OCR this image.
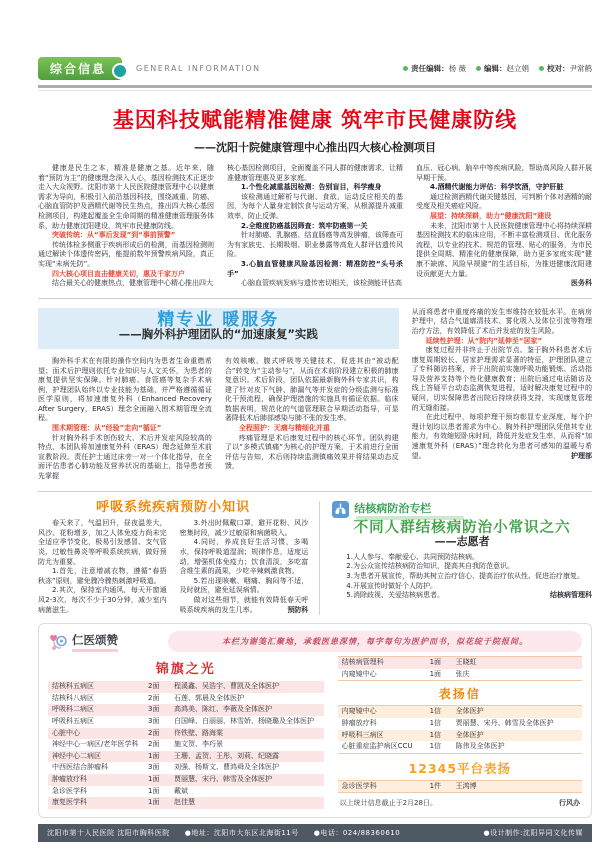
综合信息	GENERAL INFORMATION	责任编辑： 杨 薇 编辑： 赵立娟 校对： 尹常鹤
基因科技赋能精准健康 筑牢市民健康防线
——沈阳十院健康管理中心推出四大核心检测项目

健康是民生之本，精准是健康之基。近年来，随着“预防为主”的健康理念深入人心，基因检测技术正逐步走入大众视野。沈阳市第十人民医院健康管理中心以健康需求为导向，积极引入前沿基因科技，围绕减重、防癌、心脑血管防护及酒精代谢等民生热点，推出四大核心基因检测项目，构建起覆盖全生命周期的精准健康管理服务体系，助力健康沈阳建设，筑牢市民健康防线。

突破传统：从“事后发现”到“事前预警”

传统体检多侧重于疾病形成后的检测，而基因检测则通过解读个体遗传密码，能提前数年预警疾病风险，真正实现“未病先防”。

四大核心项目直击健康关切，惠及千家万户

结合最关心的健康热点，健康管理中心精心推出四大

核心基因检测项目，全面覆盖不同人群的健康需求，让精准健康管理惠及更多家庭。

1.个性化减重基因检测：告别盲目，科学瘦身

该检测通过解析与代谢、食欲、运动反应相关的基因，为每个人量身定制饮食与运动方案，从根源提升减重效率，防止反弹。

2.全维度防癌基因筛查：筑牢防癌第一关

针对肺癌、乳腺癌、结直肠癌等高发肿瘤，该筛查可为有家族史、长期吸烟、职业暴露等高危人群评估遗传风险。

3.心脑血管健康风险基因检测：精准防控“头号杀手”

心脑血管疾病发病与遗传密切相关，该检测能评估高

血压、冠心病、脑卒中等疾病风险，帮助高风险人群开展早期干预。

4.酒精代谢能力评估：科学饮酒，守护肝脏

通过检测酒精代谢关键基因，可判断个体对酒精的耐受度及相关癌症风险。

展望：持续深耕，助力“健康沈阳”建设

未来，沈阳市第十人民医院健康管理中心将持续深耕基因检测技术的临床应用，不断丰富检测项目、优化服务流程，以专业的技术、规范的管理、贴心的服务，为市民提供全周期、精准化的健康保障，助力更多家庭实现“健康不缺席、风险早规避”的生活目标，为推进健康沈阳建设贡献更大力量。

医务科

精专业 暖服务
——胸外科护理团队的“加速康复”实践

胸外科手术在有限的操作空间内为患者生命重燃希望；而术后护理则依托专业知识与人文关怀，为患者的康复提供坚实保障。针对肺癌、食管癌等复杂手术病例，护理团队始终以专业技能为基础，并严格遵循循证医学原则，将加速康复外科（Enhanced Recovery After Surgery，ERAS）理念全面融入围术期管理全流程。

围术期管理：从“经验”走向“循证”

针对胸外科手术创伤较大、术后并发症风险较高的特点，本团队将加速康复外科（ERAS）理念延伸至术前宣教阶段。责任护士通过床旁一对一个体化指导，在全面评估患者心肺功能及营养状况的基础上，指导患者预先掌握

有效咳嗽、腹式呼吸等关键技术，促进其由“被动配合”转变为“主动参与”，从而在术前阶段建立积极的肺康复意识。术后阶段，团队依据最新胸外科专家共识，构建了针对皮下气肿、肺漏气等并发症的分级监测与标准化干预流程，确保护理措施的实施具有循证依据。临床数据表明，规范化的气道管理联合早期活动指导，可显著降低术后肺部感染与肺不张的发生率。

全程照护：无痛与精细化并重

疼痛管理是术后康复过程中的核心环节。团队构建了以“多模式镇痛”为核心的护理方案，于术前进行全面评估与告知，术后则持续监测镇痛效果并将结果动态反馈，

从而将患者中重度疼痛的发生率维持在较低水平。在病房护理中，结合气道廓清技术、雾化吸入及体位引流等物理治疗方法，有效降低了术后并发症的发生风险。

延续性护理：从“院内”延伸至“居家”

康复过程并非终止于出院节点。鉴于胸外科患者术后康复周期较长、居家护理需求显著的特征，护理团队建立了专科随访档案，并于出院前实施呼吸功能锻炼、活动指导及营养支持等个性化健康教育；出院后通过电话随访及线上答疑平台动态监测恢复进程，适时解决康复过程中的疑问，切实保障患者出院后持续获得支持，实现康复管理的无缝衔接。

在此过程中，每项护理干预均彰显专业深度，每个护理计划均以患者需求为中心。胸外科护理团队凭借其专业能力，有效缩短卧床时间，降低并发症发生率，从而将“加速康复外科（ERAS）”理念转化为患者可感知的温暖与希望。	护理部

呼吸系统疾病预防小知识

春天来了，气温回升，昼夜温差大，风沙、花粉增多，加之人体免疫力尚未完全适应季节变化，极易引发感冒、支气管炎、过敏性鼻炎等呼吸系统疾病，做好预防尤为重要。

1.首先，注意增减衣物，遵循“春捂秋冻”原则，避免骤冷骤热刺激呼吸道。

2.其次，保持室内通风，每天开窗通风2-3次，每次不少于30分钟，减少室内病菌滋生。

3.外出时佩戴口罩，避开花粉、风沙密集时段，减少过敏原和病菌吸入。

4.同时，养成良好生活习惯，多喝水，保持呼吸道湿润；规律作息，适度运动，增强机体免疫力；饮食清淡，多吃富含维生素的蔬果，少吃辛辣刺激食物。

5.若出现咳嗽、咽痛、胸闷等不适，及时就医，避免延误病情。

做对这些细节，就能有效降低春天呼吸系统疾病的发生几率。	预防科

结核病防治专栏
不同人群结核病防治小常识之六
——志愿者

1.人人参与、奉献爱心、共同预防结核病。

2.为公众宣传结核病防治知识，提高其自我防范意识。

3.为患者开展宣传，帮助其树立治疗信心、提高治疗依从性、促进治疗康复。

4.开展宣传时做好个人防护。

5.消除歧视、关爱结核病患者。	结核病管理科

仁医颂赞	本栏为谢笺汇聚地，承载医患深情，每字每句为医护而书，似花绽于院报间。
锦旗之光
结核科五病区	2面	程溪鑫、吴浩宇、曹凯及全体医护
结核科八病区	2面	石莲、郭晨及全体医护
呼吸科二病区	3面	高鸿美、陈红、李薇及全体医护
呼吸科五病区	3面	白国峰、白丽丽、林雪娇、杨晓璐及全体医护
心脏中心	2面	佟铁壁、路海棠
神经中心一病区/老年医学科	2面	施文贺、李巧景
神经中心二病区	1面	王珊、孟贺、王彤、刘莉、纪晓露
中西医结合肿瘤科	3面	刘强、杨斯文、曹鸿舜及全体医护
肿瘤放疗科	1面	贾丽慧、宋丹、韩雪及全体医护
急诊医学科	1面	戴斌
康复医学科	1面	赵佳慧
结核病管理科	1面	王晓虹
内窥镜中心	1面	张庆
表扬信
内窥镜中心	1信	全体医护
肿瘤放疗科	1信	贾丽慧、宋丹、韩雪及全体医护
呼吸科三病区	1信	全体医护
心脏重症监护病区CCU	1信	陈伟及全体医护
12345平台表扬
急诊医学科	1件	王鸿博
以上统计信息截止于2月28日。	行风办
沈阳市第十人民医院 沈阳市胸科医院　　●地址：沈阳市大东区北海街11号　　●电话：024/88360610	●设计制作:沈阳异同文化传媒
